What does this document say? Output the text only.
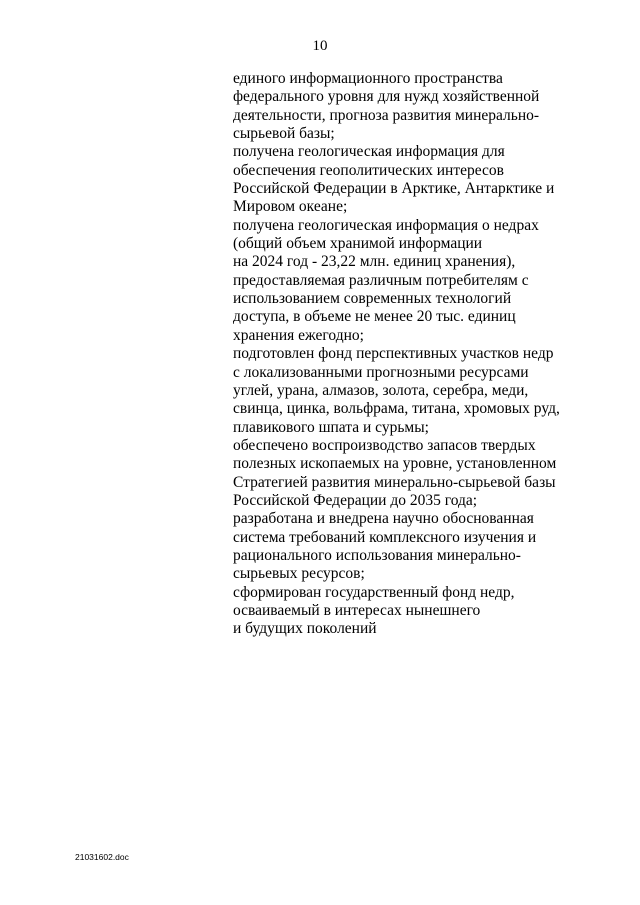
10
единого информационного пространства
федерального уровня для нужд хозяйственной
деятельности, прогноза развития минерально-
сырьевой базы;
получена геологическая информация для
обеспечения геополитических интересов
Российской Федерации в Арктике, Антарктике и
Мировом океане;
получена геологическая информация о недрах
(общий объем хранимой информации
на 2024 год - 23,22 млн. единиц хранения),
предоставляемая различным потребителям с
использованием современных технологий
доступа, в объеме не менее 20 тыс. единиц
хранения ежегодно;
подготовлен фонд перспективных участков недр
с локализованными прогнозными ресурсами
углей, урана, алмазов, золота, серебра, меди,
свинца, цинка, вольфрама, титана, хромовых руд,
плавикового шпата и сурьмы;
обеспечено воспроизводство запасов твердых
полезных ископаемых на уровне, установленном
Стратегией развития минерально-сырьевой базы
Российской Федерации до 2035 года;
разработана и внедрена научно обоснованная
система требований комплексного изучения и
рационального использования минерально-
сырьевых ресурсов;
сформирован государственный фонд недр,
осваиваемый в интересах нынешнего
и будущих поколений
21031602.doc
